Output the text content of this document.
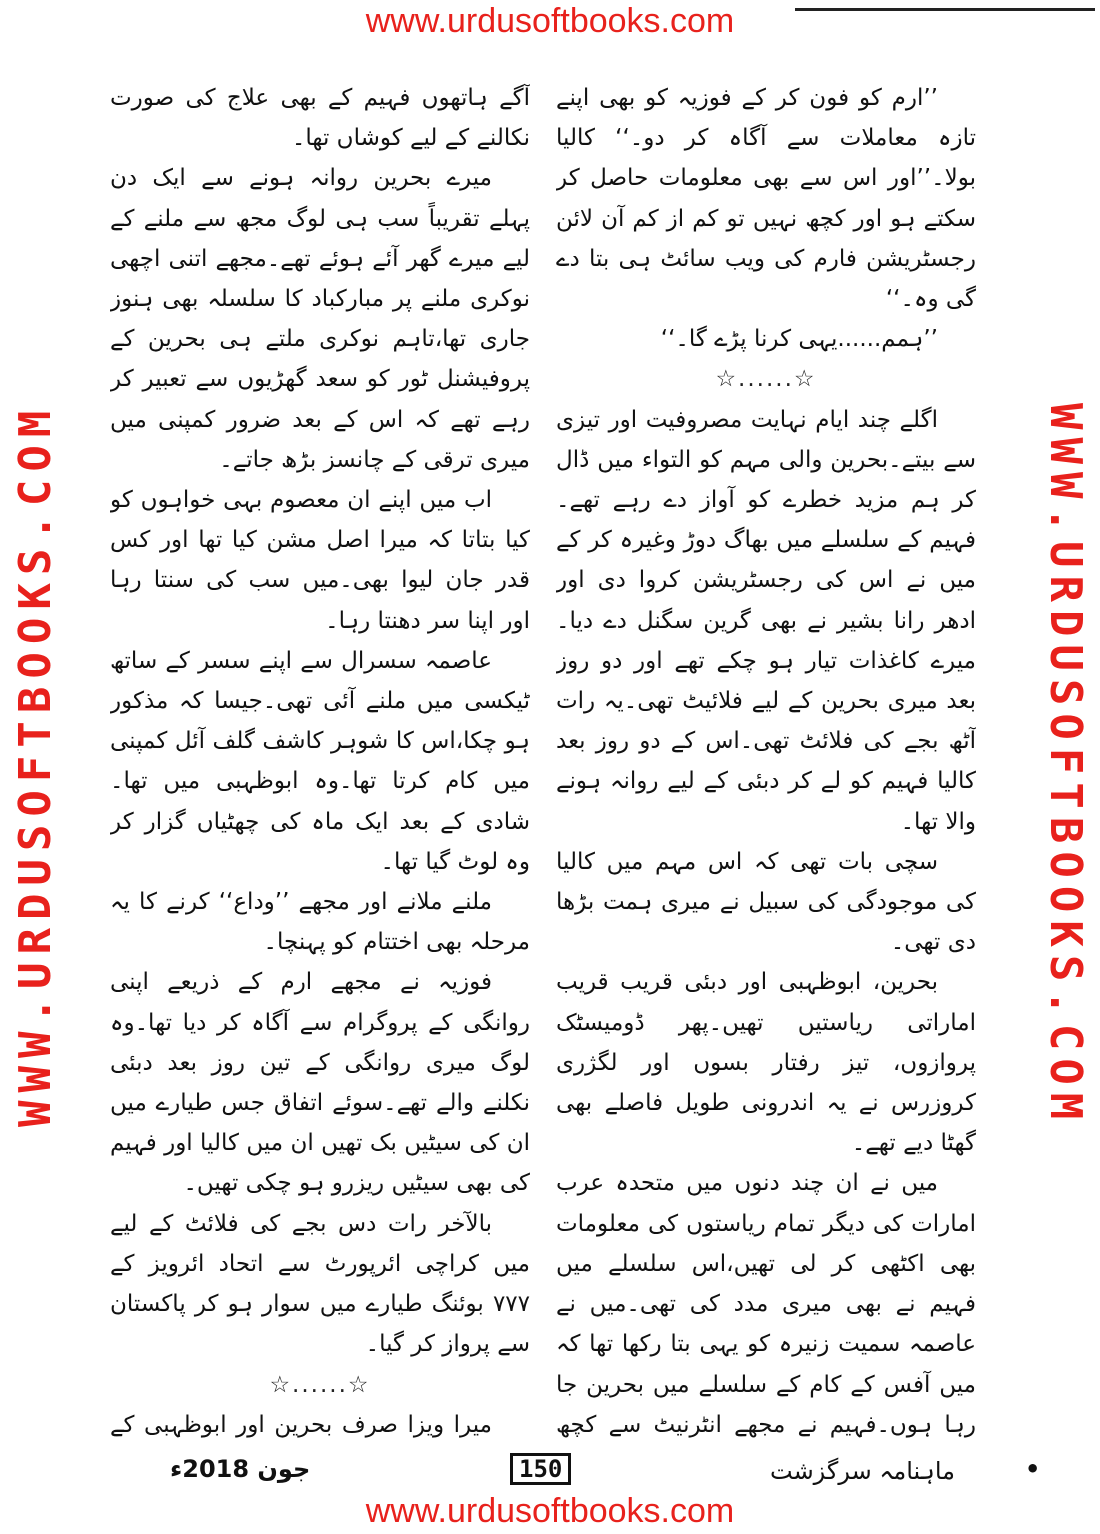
www.urdusoftbooks.com
WWW.URDUSOFTBOOKS.COM	WWW.URDUSOFTBOOKS.COM

’’ارم کو فون کر کے فوزیہ کو بھی اپنے تازہ معاملات سے آگاہ کر دو۔‘‘ کالیا بولا۔’’اور اس سے بھی معلومات حاصل کر سکتے ہو اور کچھ نہیں تو کم از کم آن لائن رجسٹریشن فارم کی ویب سائٹ ہی بتا دے گی وہ۔‘‘

’’ہمم......یہی کرنا پڑے گا۔‘‘

☆......☆

اگلے چند ایام نہایت مصروفیت اور تیزی سے بیتے۔بحرین والی مہم کو التواء میں ڈال کر ہم مزید خطرے کو آواز دے رہے تھے۔فہیم کے سلسلے میں بھاگ دوڑ وغیرہ کر کے میں نے اس کی رجسٹریشن کروا دی اور ادھر رانا بشیر نے بھی گرین سگنل دے دیا۔میرے کاغذات تیار ہو چکے تھے اور دو روز بعد میری بحرین کے لیے فلائیٹ تھی۔یہ رات آٹھ بجے کی فلائٹ تھی۔اس کے دو روز بعد کالیا فہیم کو لے کر دبئی کے لیے روانہ ہونے والا تھا۔

سچی بات تھی کہ اس مہم میں کالیا کی موجودگی کی سبیل نے میری ہمت بڑھا دی تھی۔

بحرین، ابوظہبی اور دبئی قریب قریب اماراتی ریاستیں تھیں۔پھر ڈومیسٹک پروازوں، تیز رفتار بسوں اور لگژری کروزرس نے یہ اندرونی طویل فاصلے بھی گھٹا دیے تھے۔

میں نے ان چند دنوں میں متحدہ عرب امارات کی دیگر تمام ریاستوں کی معلومات بھی اکٹھی کر لی تھیں،اس سلسلے میں فہیم نے بھی میری مدد کی تھی۔میں نے عاصمہ سمیت زنیرہ کو یہی بتا رکھا تھا کہ میں آفس کے کام کے سلسلے میں بحرین جا رہا ہوں۔فہیم نے مجھے انٹرنیٹ سے کچھ

آگے ہاتھوں فہیم کے بھی علاج کی صورت نکالنے کے لیے کوشاں تھا۔

میرے بحرین روانہ ہونے سے ایک دن پہلے تقریباً سب ہی لوگ مجھ سے ملنے کے لیے میرے گھر آئے ہوئے تھے۔مجھے اتنی اچھی نوکری ملنے پر مبارکباد کا سلسلہ بھی ہنوز جاری تھا،تاہم نوکری ملتے ہی بحرین کے پروفیشنل ٹور کو سعد گھڑیوں سے تعبیر کر رہے تھے کہ اس کے بعد ضرور کمپنی میں میری ترقی کے چانسز بڑھ جاتے۔

اب میں اپنے ان معصوم بہی خواہوں کو کیا بتاتا کہ میرا اصل مشن کیا تھا اور کس قدر جان لیوا بھی۔میں سب کی سنتا رہا اور اپنا سر دھنتا رہا۔

عاصمہ سسرال سے اپنے سسر کے ساتھ ٹیکسی میں ملنے آئی تھی۔جیسا کہ مذکور ہو چکا،اس کا شوہر کاشف گلف آئل کمپنی میں کام کرتا تھا۔وہ ابوظہبی میں تھا۔شادی کے بعد ایک ماہ کی چھٹیاں گزار کر وہ لوٹ گیا تھا۔

ملنے ملانے اور مجھے ’’وداع‘‘ کرنے کا یہ مرحلہ بھی اختتام کو پہنچا۔

فوزیہ نے مجھے ارم کے ذریعے اپنی روانگی کے پروگرام سے آگاہ کر دیا تھا۔وہ لوگ میری روانگی کے تین روز بعد دبئی نکلنے والے تھے۔سوئے اتفاق جس طیارے میں ان کی سیٹیں بک تھیں ان میں کالیا اور فہیم کی بھی سیٹیں ریزرو ہو چکی تھیں۔

بالآخر رات دس بجے کی فلائٹ کے لیے میں کراچی ائرپورٹ سے اتحاد ائرویز کے ۷۷۷ بوئنگ طیارے میں سوار ہو کر پاکستان سے پرواز کر گیا۔

☆......☆

میرا ویزا صرف بحرین اور ابوظہبی کے

جون 2018ء	150	ماہنامہ سرگزشت	•
www.urdusoftbooks.com
